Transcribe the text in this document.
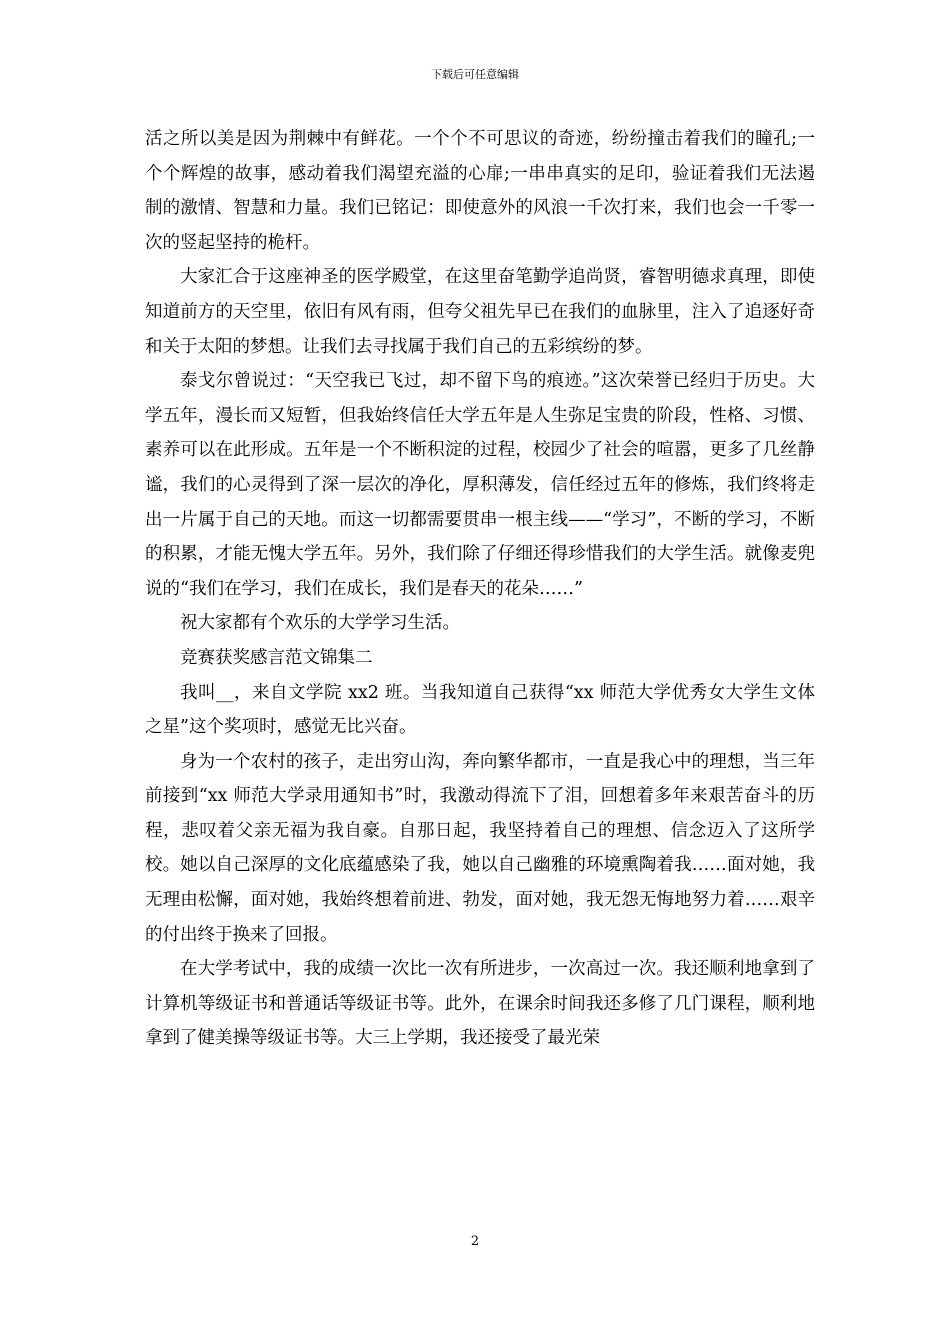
下载后可任意编辑

活之所以美是因为荆棘中有鲜花。一个个不可思议的奇迹，纷纷撞击着我们的瞳孔;一个个辉煌的故事，感动着我们渴望充溢的心扉;一串串真实的足印，验证着我们无法遏制的激情、智慧和力量。我们已铭记：即使意外的风浪一千次打来，我们也会一千零一次的竖起坚持的桅杆。

大家汇合于这座神圣的医学殿堂，在这里奋笔勤学追尚贤，睿智明德求真理，即使知道前方的天空里，依旧有风有雨，但夸父祖先早已在我们的血脉里，注入了追逐好奇和关于太阳的梦想。让我们去寻找属于我们自己的五彩缤纷的梦。

泰戈尔曾说过：“天空我已飞过，却不留下鸟的痕迹。”这次荣誉已经归于历史。大学五年，漫长而又短暂，但我始终信任大学五年是人生弥足宝贵的阶段，性格、习惯、素养可以在此形成。五年是一个不断积淀的过程，校园少了社会的喧嚣，更多了几丝静谧，我们的心灵得到了深一层次的净化，厚积薄发，信任经过五年的修炼，我们终将走出一片属于自己的天地。而这一切都需要贯串一根主线——“学习”，不断的学习，不断的积累，才能无愧大学五年。另外，我们除了仔细还得珍惜我们的大学生活。就像麦兜说的“我们在学习，我们在成长，我们是春天的花朵……”

祝大家都有个欢乐的大学学习生活。

竞赛获奖感言范文锦集二

我叫__，来自文学院 xx2 班。当我知道自己获得“xx 师范大学优秀女大学生文体之星”这个奖项时，感觉无比兴奋。

身为一个农村的孩子，走出穷山沟，奔向繁华都市，一直是我心中的理想，当三年前接到“xx 师范大学录用通知书”时，我激动得流下了泪，回想着多年来艰苦奋斗的历程，悲叹着父亲无福为我自豪。自那日起，我坚持着自己的理想、信念迈入了这所学校。她以自己深厚的文化底蕴感染了我，她以自己幽雅的环境熏陶着我……面对她，我无理由松懈，面对她，我始终想着前进、勃发，面对她，我无怨无悔地努力着……艰辛的付出终于换来了回报。

在大学考试中，我的成绩一次比一次有所进步，一次高过一次。我还顺利地拿到了计算机等级证书和普通话等级证书等。此外，在课余时间我还多修了几门课程，顺利地拿到了健美操等级证书等。大三上学期，我还接受了最光荣

2
